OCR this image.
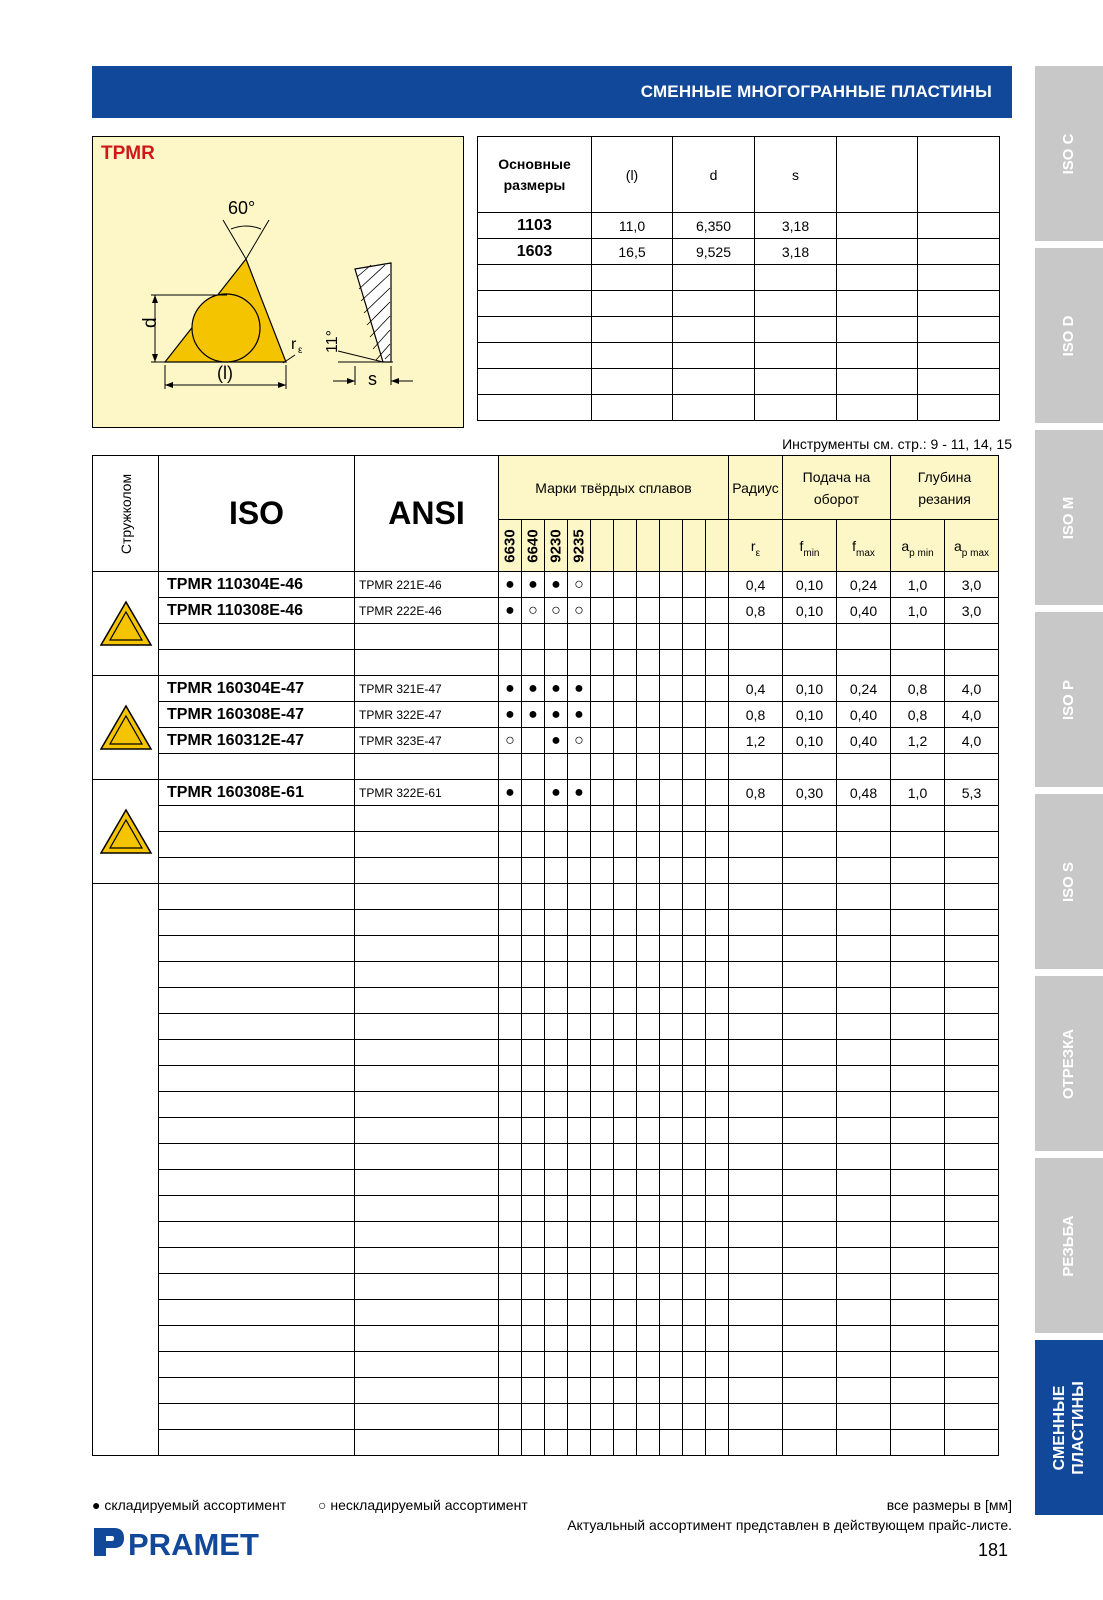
СМЕННЫЕ МНОГОГРАННЫЕ ПЛАСТИНЫ
ISO C
ISO D
ISO M
ISO P
ISO S
ОТРЕЗКА
РЕЗЬБА
СМЕННЫЕ
ПЛАСТИНЫ
60°
d
(l)
r ε 11°
s
TPMR	Основные размеры	(l)	d	s		
1103	11,0	6,350	3,18		
1603	16,5	9,525	3,18		

Инструменты см. стр.: 9 - 11, 14, 15
Стружколом	ISO	ANSI	Марки твёрдых сплавов										Радиус	Подача на оборот		Глубина резания	

			6630	6640	9230	9235							$r_\varepsilon$	$f_{min}$	$f_{max}$	$a_{p min}$	$a_{p max}$

	TPMR 110304E-46	TPMR 221E-46	●	●	●	○							0,4	0,10	0,24	1,0	3,0
	TPMR 110308E-46	TPMR 222E-46	●	○	○	○							0,8	0,10	0,40	1,0	3,0

	TPMR 160304E-47	TPMR 321E-47	●	●	●	●							0,4	0,10	0,24	0,8	4,0
	TPMR 160308E-47	TPMR 322E-47	●	●	●	●							0,8	0,10	0,40	0,8	4,0
	TPMR 160312E-47	TPMR 323E-47	○		●	○							1,2	0,10	0,40	1,2	4,0

	TPMR 160308E-61	TPMR 322E-61	●		●	●							0,8	0,30	0,48	1,0	5,3

● складируемый ассортимент ○ нескладируемый ассортимент	все размеры в [мм]
Актуальный ассортимент представлен в действующем прайс-листе.
181
PRAMET
